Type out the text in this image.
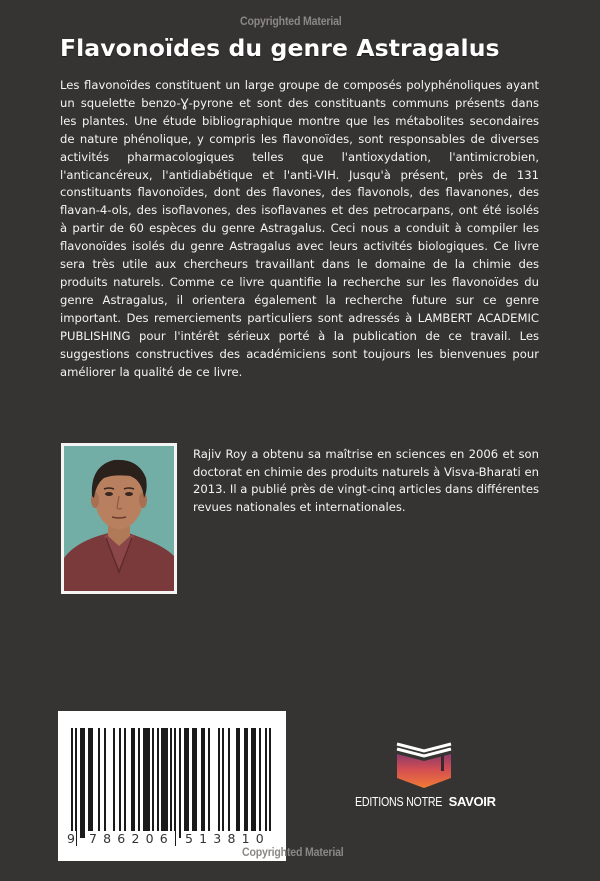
Copyrighted Material
Flavonoïdes du genre Astragalus

Les flavonoïdes constituent un large groupe de composés polyphénoliques ayant un squelette benzo-Ɣ-pyrone et sont des constituants communs présents dans les plantes. Une étude bibliographique montre que les métabolites secondaires de nature phénolique, y compris les flavonoïdes, sont responsables de diverses activités pharmacologiques telles que l'antioxydation, l'antimicrobien, l'anticancéreux, l'antidiabétique et l'anti-VIH. Jusqu'à présent, près de 131 constituants flavonoïdes, dont des flavones, des flavonols, des flavanones, des flavan-4-ols, des isoflavones, des isoflavanes et des petrocarpans, ont été isolés à partir de 60 espèces du genre Astragalus. Ceci nous a conduit à compiler les flavonoïdes isolés du genre Astragalus avec leurs activités biologiques. Ce livre sera très utile aux chercheurs travaillant dans le domaine de la chimie des produits naturels. Comme ce livre quantifie la recherche sur les flavonoïdes du genre Astragalus, il orientera également la recherche future sur ce genre important. Des remerciements particuliers sont adressés à LAMBERT ACADEMIC PUBLISHING pour l'intérêt sérieux porté à la publication de ce travail. Les suggestions constructives des académiciens sont toujours les bienvenues pour améliorer la qualité de ce livre.

Rajiv Roy a obtenu sa maîtrise en sciences en 2006 et son doctorat en chimie des produits naturels à Visva-Bharati en 2013. Il a publié près de vingt-cinq articles dans différentes revues nationales et internationales.

9 786206 513810
Copyrighted Material
EDITIONS NOTRE SAVOIR
